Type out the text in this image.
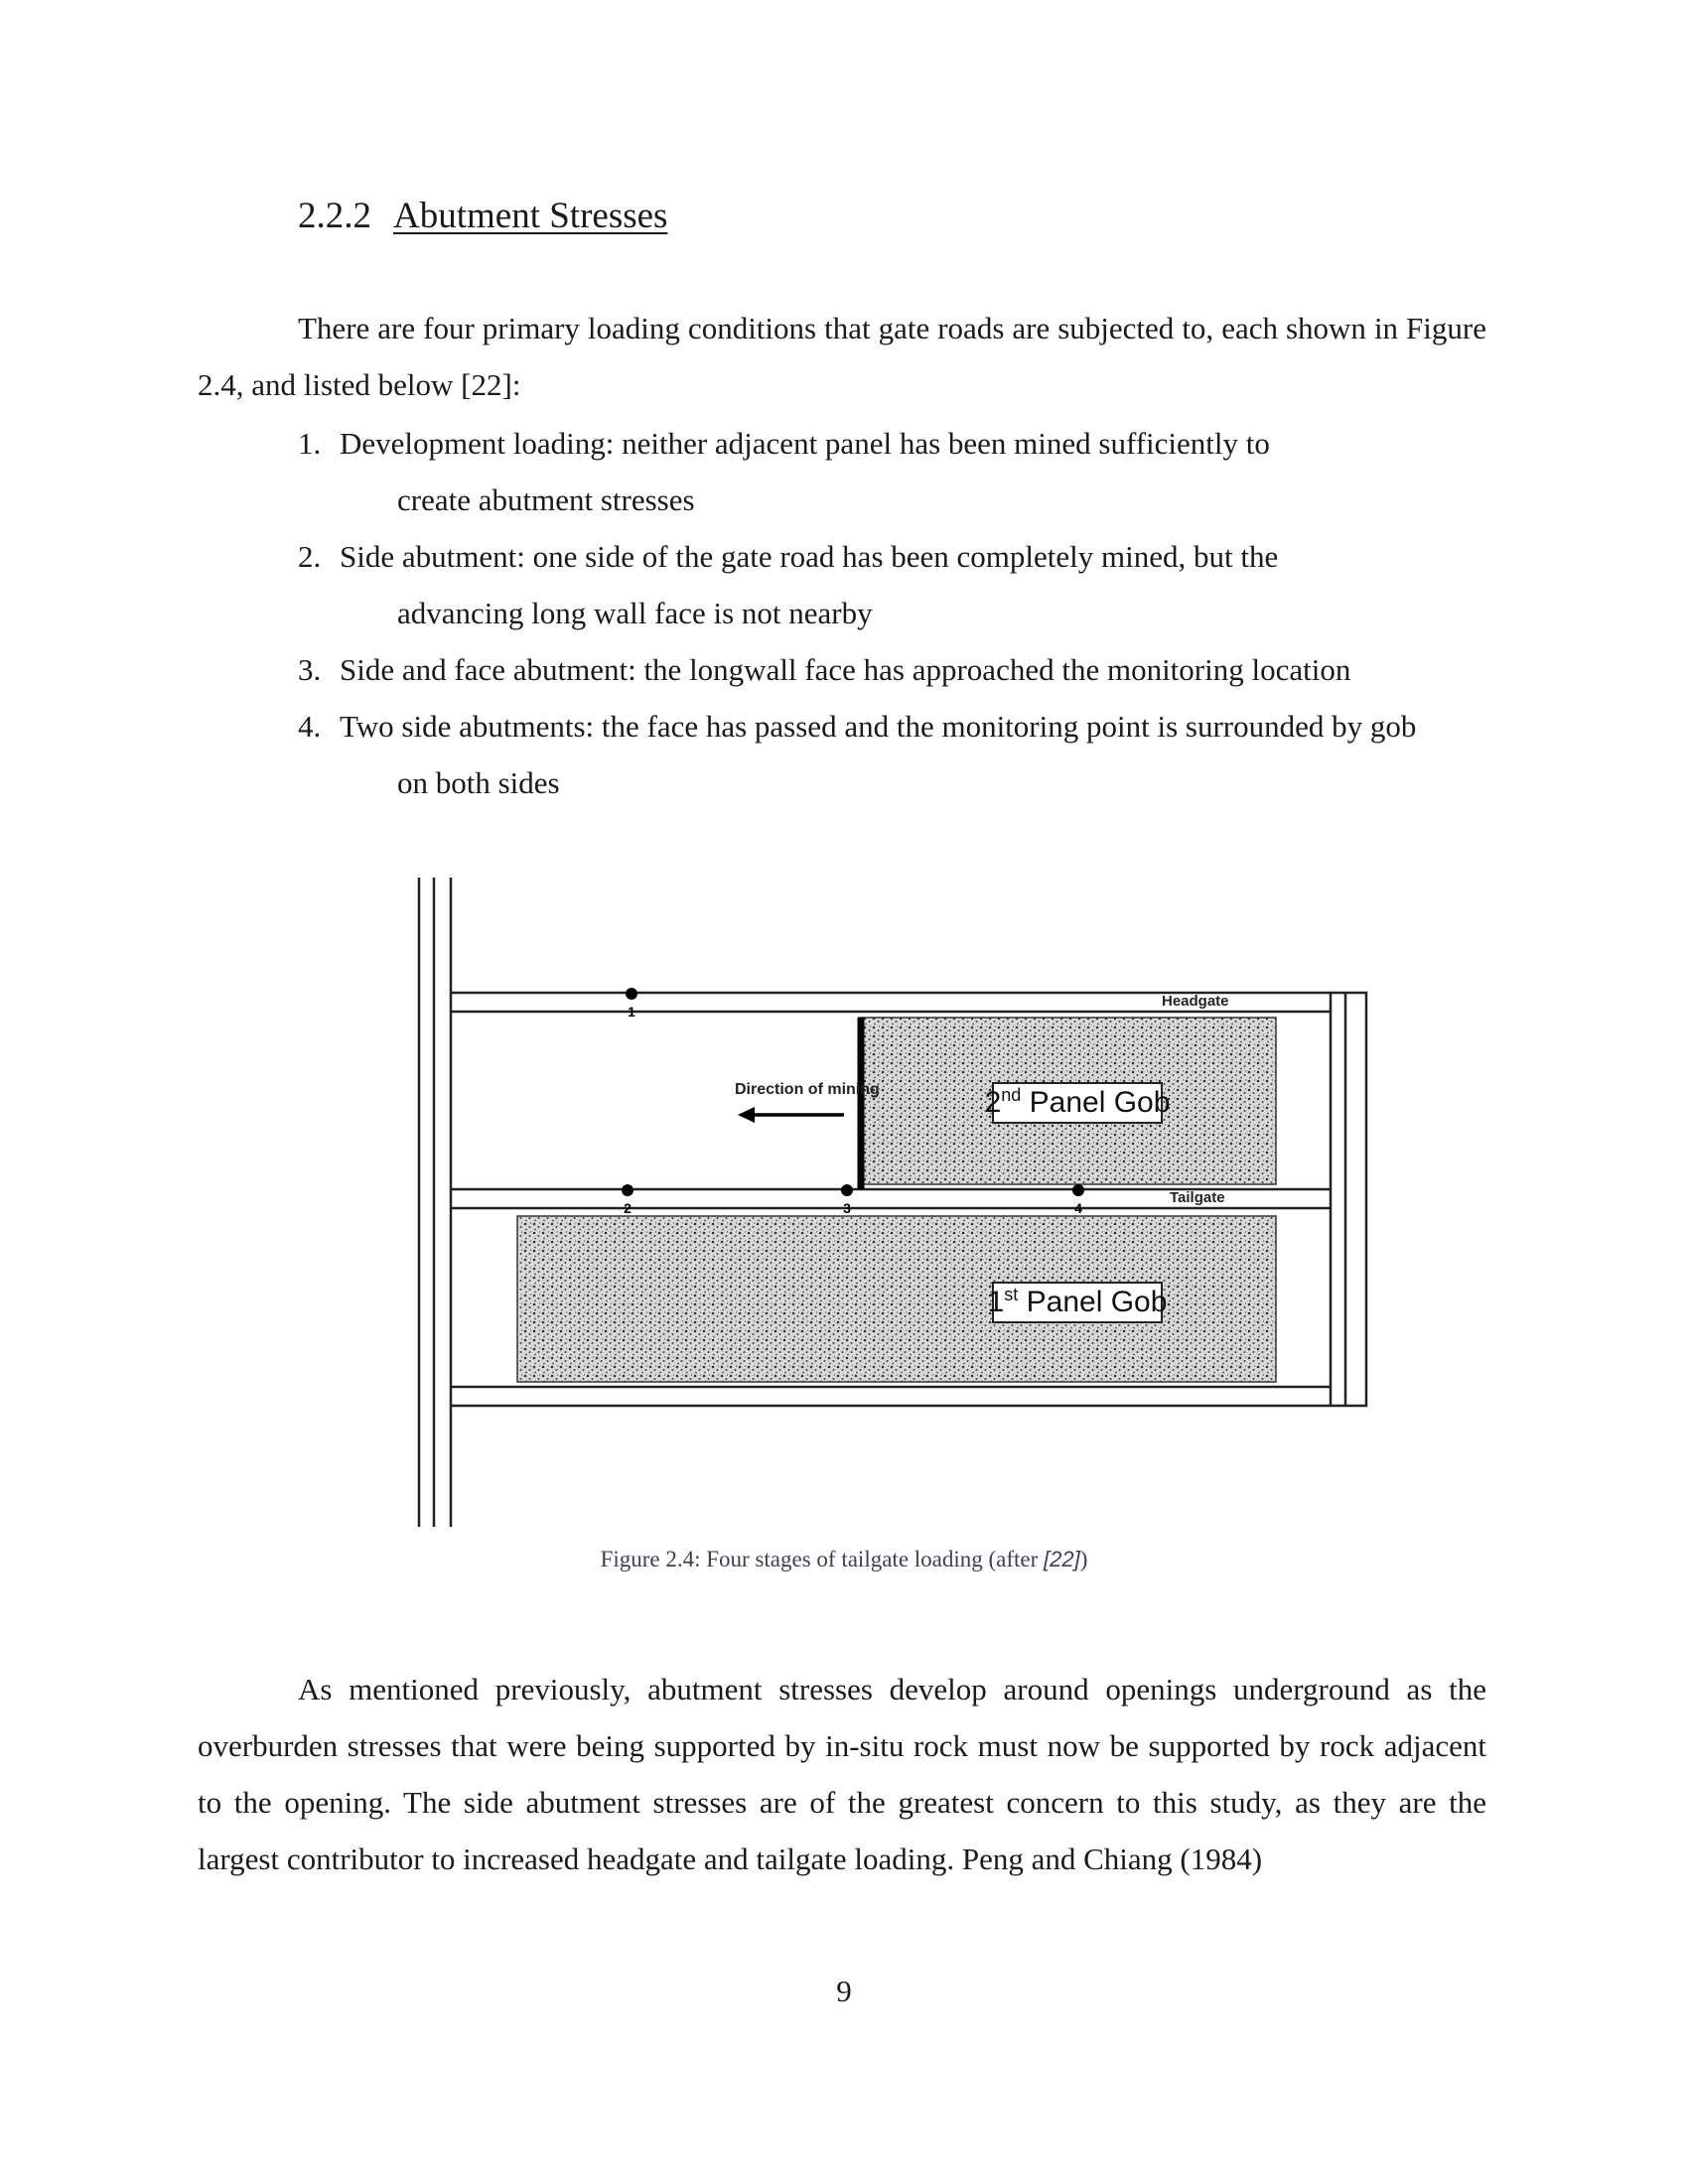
2.2.2 Abutment Stresses

There are four primary loading conditions that gate roads are subjected to, each shown in Figure 2.4, and listed below [22]:

1. Development loading: neither adjacent panel has been mined sufficiently to
create abutment stresses
2. Side abutment: one side of the gate road has been completely mined, but the
advancing long wall face is not nearby
3. Side and face abutment: the longwall face has approached the monitoring location
4. Two side abutments: the face has passed and the monitoring point is surrounded by gob
on both sides
Direction of mining
Headgate
Tailgate
2nd Panel Gob
1st Panel Gob
1
2	3	4
Figure 2.4: Four stages of tailgate loading (after [22])

As mentioned previously, abutment stresses develop around openings underground as the overburden stresses that were being supported by in-situ rock must now be supported by rock adjacent to the opening. The side abutment stresses are of the greatest concern to this study, as they are the largest contributor to increased headgate and tailgate loading. Peng and Chiang (1984)

9
